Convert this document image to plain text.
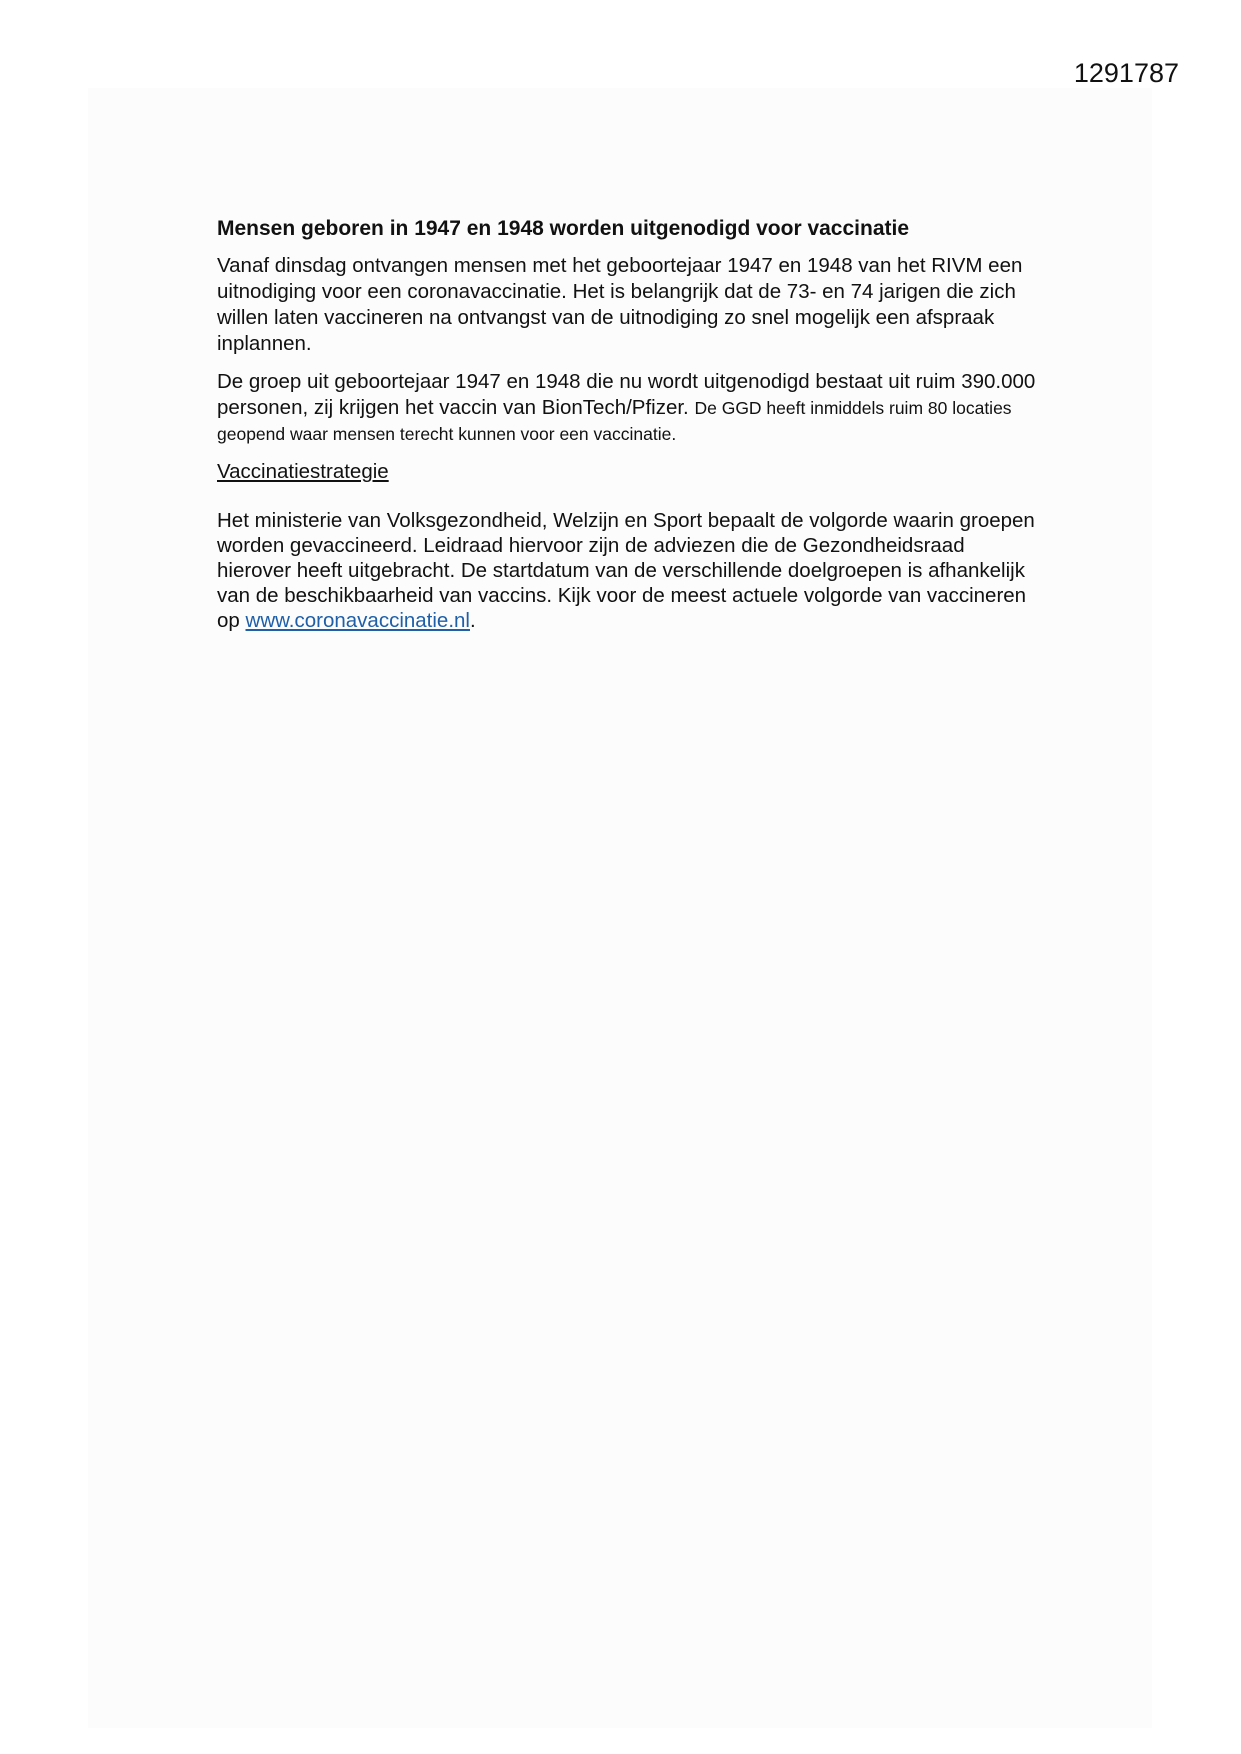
1291787
Mensen geboren in 1947 en 1948 worden uitgenodigd voor vaccinatie

Vanaf dinsdag ontvangen mensen met het geboortejaar 1947 en 1948 van het RIVM een uitnodiging voor een coronavaccinatie. Het is belangrijk dat de 73- en 74 jarigen die zich willen laten vaccineren na ontvangst van de uitnodiging zo snel mogelijk een afspraak inplannen.

De groep uit geboortejaar 1947 en 1948 die nu wordt uitgenodigd bestaat uit ruim 390.000 personen, zij krijgen het vaccin van BionTech/Pfizer. De GGD heeft inmiddels ruim 80 locaties geopend waar mensen terecht kunnen voor een vaccinatie.

Vaccinatiestrategie

Het ministerie van Volksgezondheid, Welzijn en Sport bepaalt de volgorde waarin groepen worden gevaccineerd. Leidraad hiervoor zijn de adviezen die de Gezondheidsraad hierover heeft uitgebracht. De startdatum van de verschillende doelgroepen is afhankelijk van de beschikbaarheid van vaccins. Kijk voor de meest actuele volgorde van vaccineren op www.coronavaccinatie.nl.
